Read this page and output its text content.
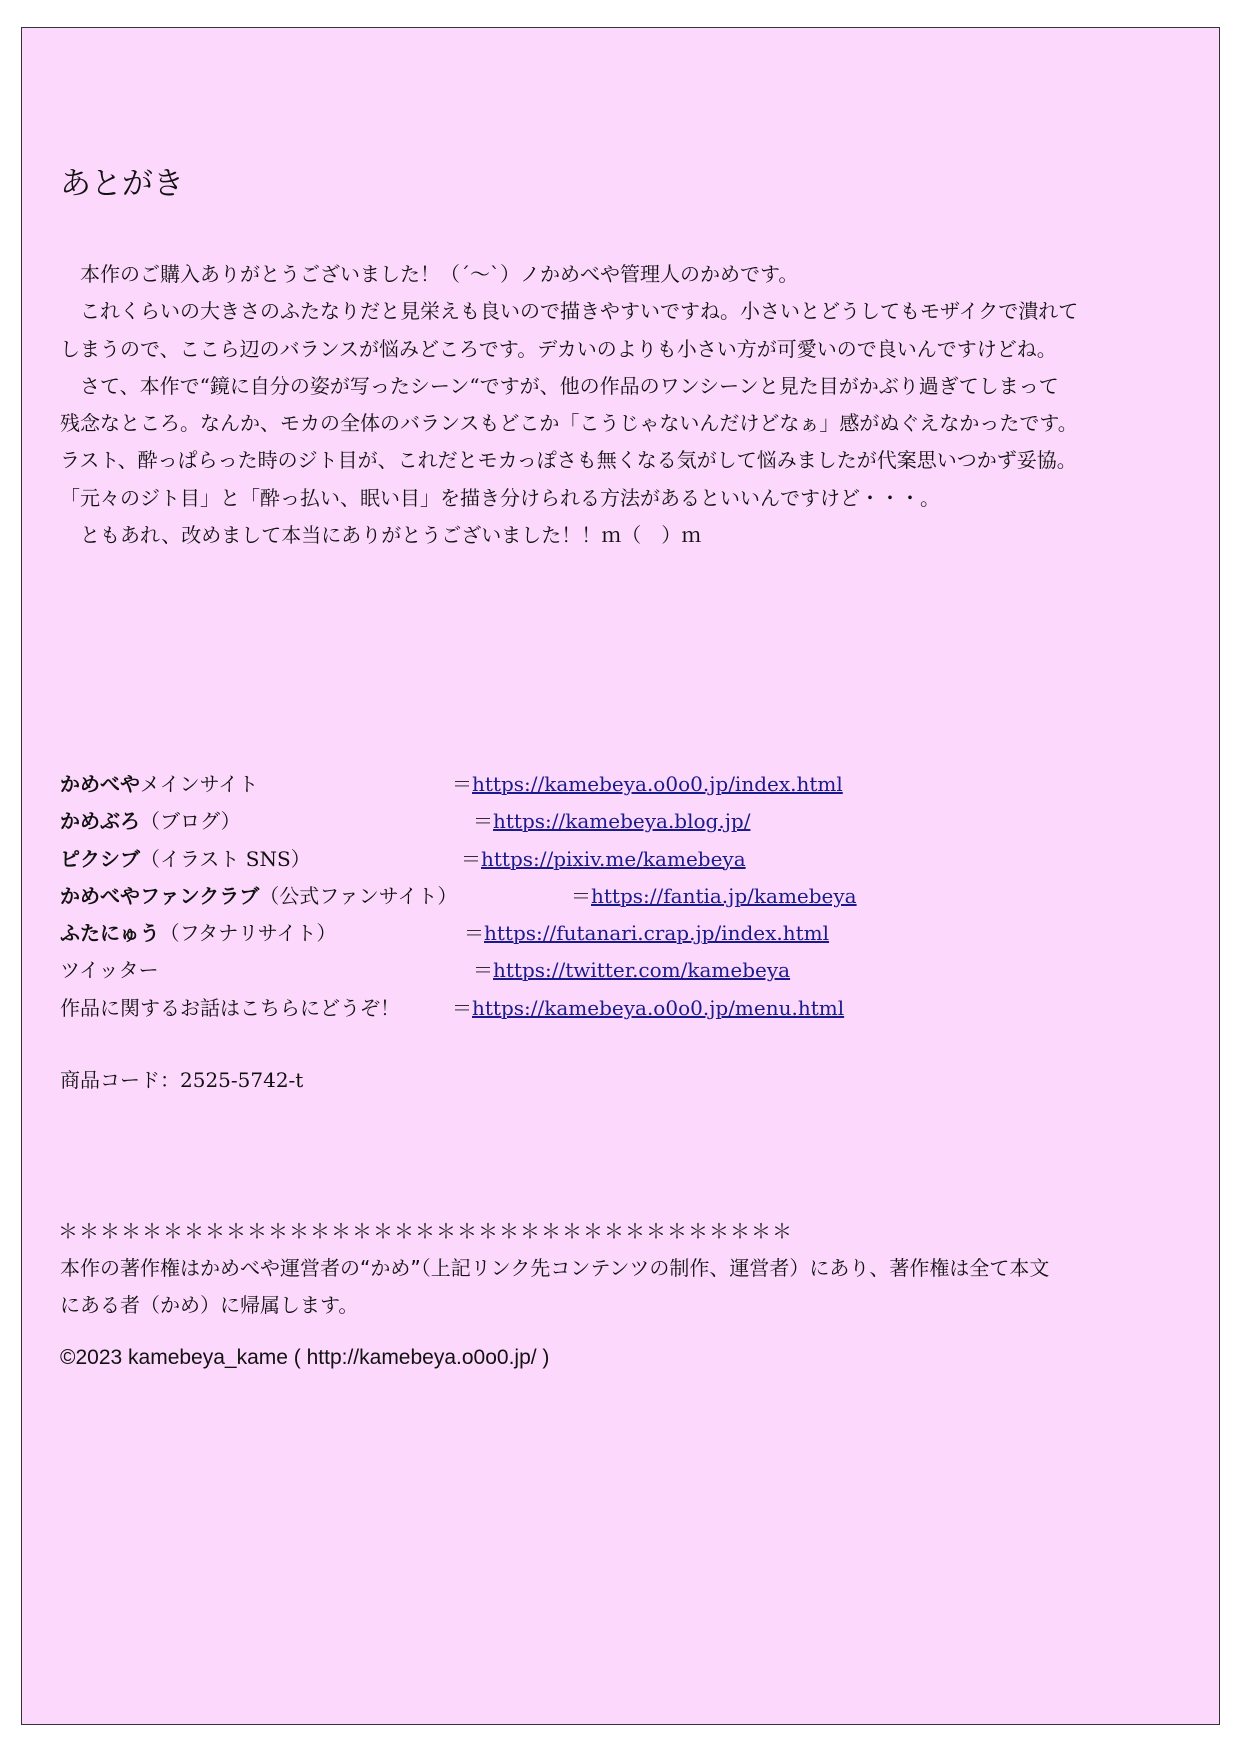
あとがき

　本作のご購入ありがとうございました！（´～`）ノかめべや管理人のかめです。

　これくらいの大きさのふたなりだと見栄えも良いので描きやすいですね。小さいとどうしてもモザイクで潰れて

しまうので、ここら辺のバランスが悩みどころです。デカいのよりも小さい方が可愛いので良いんですけどね。

　さて、本作で“鏡に自分の姿が写ったシーン“ですが、他の作品のワンシーンと見た目がかぶり過ぎてしまって

残念なところ。なんか、モカの全体のバランスもどこか「こうじゃないんだけどなぁ」感がぬぐえなかったです。

ラスト、酔っぱらった時のジト目が、これだとモカっぽさも無くなる気がして悩みましたが代案思いつかず妥協。

「元々のジト目」と「酔っ払い、眠い目」を描き分けられる方法があるといいんですけど・・・。

　ともあれ、改めまして本当にありがとうございました！！ｍ（　）ｍ

かめべやメインサイト	＝https://kamebeya.o0o0.jp/index.html
かめぶろ（ブログ）	＝https://kamebeya.blog.jp/
ピクシブ（イラスト SNS）	＝https://pixiv.me/kamebeya
かめべやファンクラブ（公式ファンサイト）	＝https://fantia.jp/kamebeya
ふたにゅう（フタナリサイト）	＝https://futanari.crap.jp/index.html
ツイッター	＝https://twitter.com/kamebeya
作品に関するお話はこちらにどうぞ！	＝https://kamebeya.o0o0.jp/menu.html
商品コード：2525-5742-t
＊＊＊＊＊＊＊＊＊＊＊＊＊＊＊＊＊＊＊＊＊＊＊＊＊＊＊＊＊＊＊＊＊＊＊

本作の著作権はかめべや運営者の“かめ”（上記リンク先コンテンツの制作、運営者）にあり、著作権は全て本文

にある者（かめ）に帰属します。

©2023 kamebeya_kame ( http://kamebeya.o0o0.jp/ )
